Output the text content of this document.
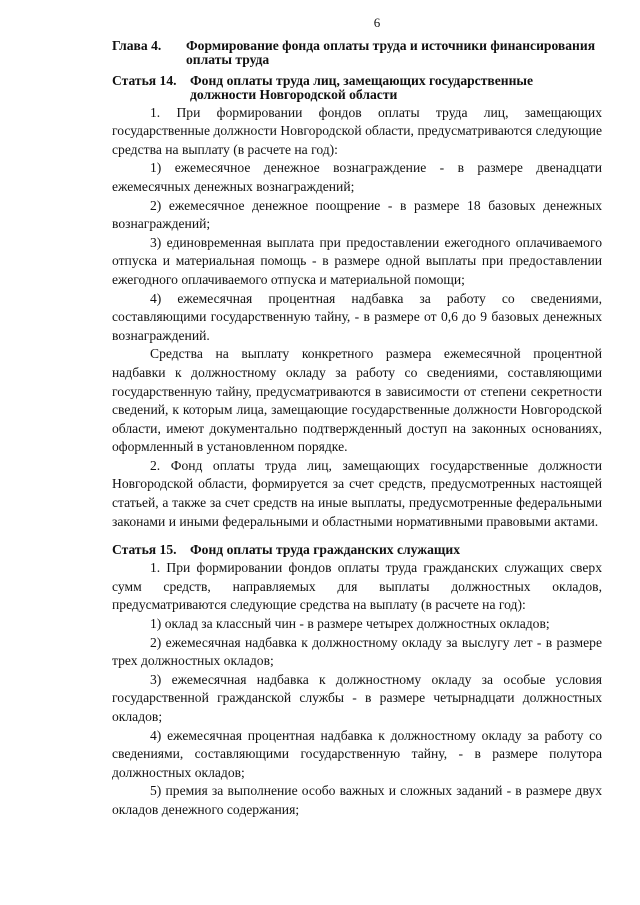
6
Глава 4.	Формирование фонда оплаты труда и источники финансирования оплаты труда
Статья 14. Фонд оплаты труда лиц, замещающих государственные должности Новгородской области

1. При формировании фондов оплаты труда лиц, замещающих государственные должности Новгородской области, предусматриваются следующие средства на выплату (в расчете на год):

1) ежемесячное денежное вознаграждение - в размере двенадцати ежемесячных денежных вознаграждений;

2) ежемесячное денежное поощрение - в размере 18 базовых денежных вознаграждений;

3) единовременная выплата при предоставлении ежегодного оплачиваемого отпуска и материальная помощь - в размере одной выплаты при предоставлении ежегодного оплачиваемого отпуска и материальной помощи;

4) ежемесячная процентная надбавка за работу со сведениями, составляющими государственную тайну, - в размере от 0,6 до 9 базовых денежных вознаграждений.

Средства на выплату конкретного размера ежемесячной процентной надбавки к должностному окладу за работу со сведениями, составляющими государственную тайну, предусматриваются в зависимости от степени секретности сведений, к которым лица, замещающие государственные должности Новгородской области, имеют документально подтвержденный доступ на законных основаниях, оформленный в установленном порядке.

2. Фонд оплаты труда лиц, замещающих государственные должности Новгородской области, формируется за счет средств, предусмотренных настоящей статьей, а также за счет средств на иные выплаты, предусмотренные федеральными законами и иными федеральными и областными нормативными правовыми актами.

Статья 15. Фонд оплаты труда гражданских служащих

1. При формировании фондов оплаты труда гражданских служащих сверх сумм средств, направляемых для выплаты должностных окладов, предусматриваются следующие средства на выплату (в расчете на год):

1) оклад за классный чин - в размере четырех должностных окладов;

2) ежемесячная надбавка к должностному окладу за выслугу лет - в размере трех должностных окладов;

3) ежемесячная надбавка к должностному окладу за особые условия государственной гражданской службы - в размере четырнадцати должностных окладов;

4) ежемесячная процентная надбавка к должностному окладу за работу со сведениями, составляющими государственную тайну, - в размере полутора должностных окладов;

5) премия за выполнение особо важных и сложных заданий - в размере двух окладов денежного содержания;
